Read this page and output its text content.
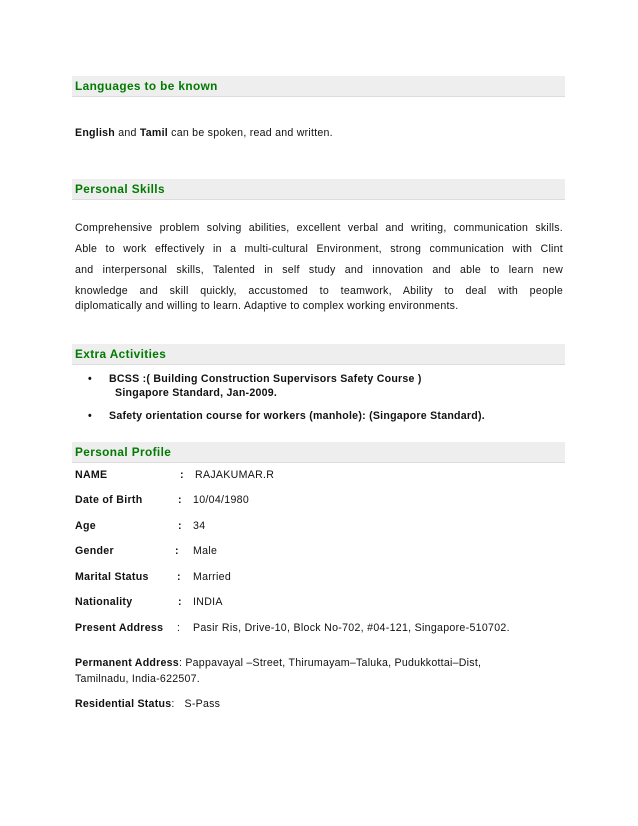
Languages to be known
English and Tamil can be spoken, read and written.
Personal Skills
Comprehensive problem solving abilities, excellent verbal and writing, communication skills.
Able to work effectively in a multi-cultural Environment, strong communication with Clint
and interpersonal skills, Talented in self study and innovation and able to learn new
knowledge and skill quickly, accustomed to teamwork, Ability to deal with people
diplomatically and willing to learn. Adaptive to complex working environments.
Extra Activities
• BCSS :( Building Construction Supervisors Safety Course )
Singapore Standard, Jan-2009.
• Safety orientation course for workers (manhole): (Singapore Standard).
Personal Profile
NAME	: RAJAKUMAR.R
Date of Birth	: 10/04/1980
Age	: 34
Gender	: Male
Marital Status	: Married
Nationality	: INDIA
Present Address : Pasir Ris, Drive-10, Block No-702, #04-121, Singapore-510702.
Permanent Address: Pappavayal –Street, Thirumayam–Taluka, Pudukkottai–Dist,
Tamilnadu, India-622507.
Residential Status: S-Pass
